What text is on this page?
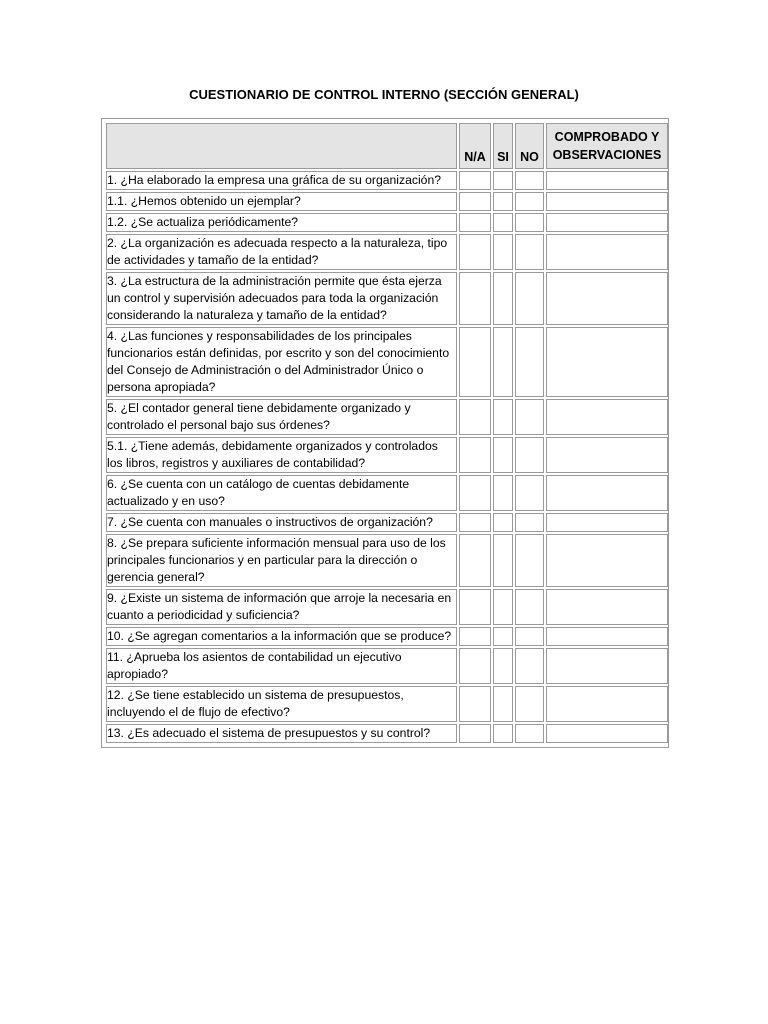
CUESTIONARIO DE CONTROL INTERNO (SECCIÓN GENERAL)
	N/A	SI	NO	COMPROBADO Y OBSERVACIONES

1. ¿Ha elaborado la empresa una gráfica de su organización?				

1.1. ¿Hemos obtenido un ejemplar?				

1.2. ¿Se actualiza periódicamente?				

2. ¿La organización es adecuada respecto a la naturaleza, tipo de actividades y tamaño de la entidad?				

3. ¿La estructura de la administración permite que ésta ejerza un control y supervisión adecuados para toda la organización considerando la naturaleza y tamaño de la entidad?				

4. ¿Las funciones y responsabilidades de los principales funcionarios están definidas, por escrito y son del conocimiento del Consejo de Administración o del Administrador Único o persona apropiada?				

5. ¿El contador general tiene debidamente organizado y controlado el personal bajo sus órdenes?				

5.1. ¿Tiene además, debidamente organizados y controlados los libros, registros y auxiliares de contabilidad?				

6. ¿Se cuenta con un catálogo de cuentas debidamente actualizado y en uso?				

7. ¿Se cuenta con manuales o instructivos de organización?				

8. ¿Se prepara suficiente información mensual para uso de los principales funcionarios y en particular para la dirección o gerencia general?				

9. ¿Existe un sistema de información que arroje la necesaria en cuanto a periodicidad y suficiencia?				

10. ¿Se agregan comentarios a la información que se produce?				

11. ¿Aprueba los asientos de contabilidad un ejecutivo apropiado?				

12. ¿Se tiene establecido un sistema de presupuestos, incluyendo el de flujo de efectivo?				

13. ¿Es adecuado el sistema de presupuestos y su control?				
